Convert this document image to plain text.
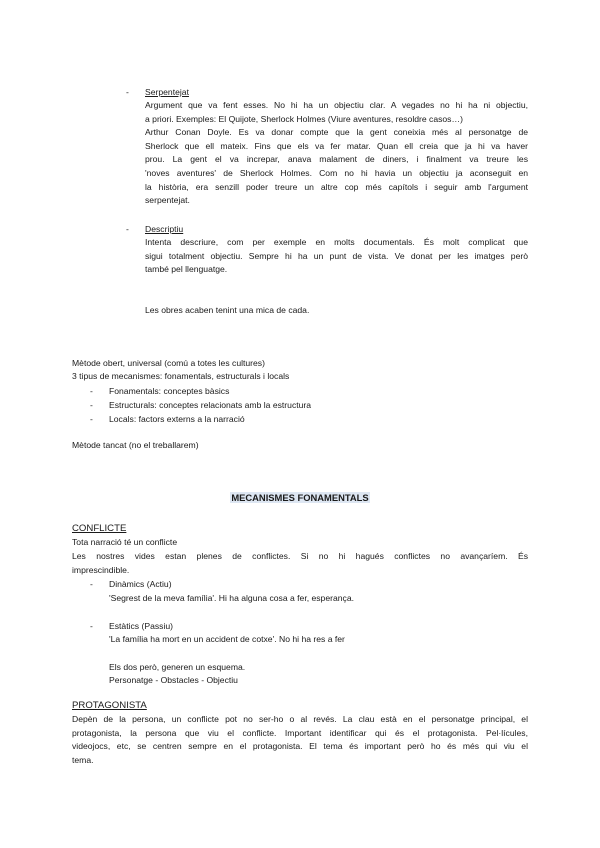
-	Serpentejat

Argument que va fent esses. No hi ha un objectiu clar. A vegades no hi ha ni objectiu,

a priori. Exemples: El Quijote, Sherlock Holmes (Viure aventures, resoldre casos…)

Arthur Conan Doyle. Es va donar compte que la gent coneixia més al personatge de

Sherlock que ell mateix. Fins que els va fer matar. Quan ell creia que ja hi va haver

prou. La gent el va increpar, anava malament de diners, i finalment va treure les

'noves aventures' de Sherlock Holmes. Com no hi havia un objectiu ja aconseguit en

la història, era senzill poder treure un altre cop més capítols i seguir amb l'argument

serpentejat.

-	Descriptiu

Intenta descriure, com per exemple en molts documentals. És molt complicat que

sigui totalment objectiu. Sempre hi ha un punt de vista. Ve donat per les imatges però

també pel llenguatge.

Les obres acaben tenint una mica de cada.

Mètode obert, universal (comú a totes les cultures)

3 tipus de mecanismes: fonamentals, estructurals i locals

-	Fonamentals: conceptes bàsics

-	Estructurals: conceptes relacionats amb la estructura

-	Locals: factors externs a la narració

Mètode tancat (no el treballarem)

MECANISMES FONAMENTALS

CONFLICTE

Tota narració té un conflicte

Les nostres vides estan plenes de conflictes. Si no hi hagués conflictes no avançaríem. És

imprescindible.

-	Dinàmics (Actiu)

'Segrest de la meva família'. Hi ha alguna cosa a fer, esperança.

-	Estàtics (Passiu)

'La família ha mort en un accident de cotxe'. No hi ha res a fer

Els dos però, generen un esquema.

Personatge - Obstacles - Objectiu

PROTAGONISTA

Depèn de la persona, un conflicte pot no ser-ho o al revés. La clau està en el personatge principal, el

protagonista, la persona que viu el conflicte. Important identificar qui és el protagonista. Pel·lícules,

videojocs, etc, se centren sempre en el protagonista. El tema és important però ho és més qui viu el

tema.
